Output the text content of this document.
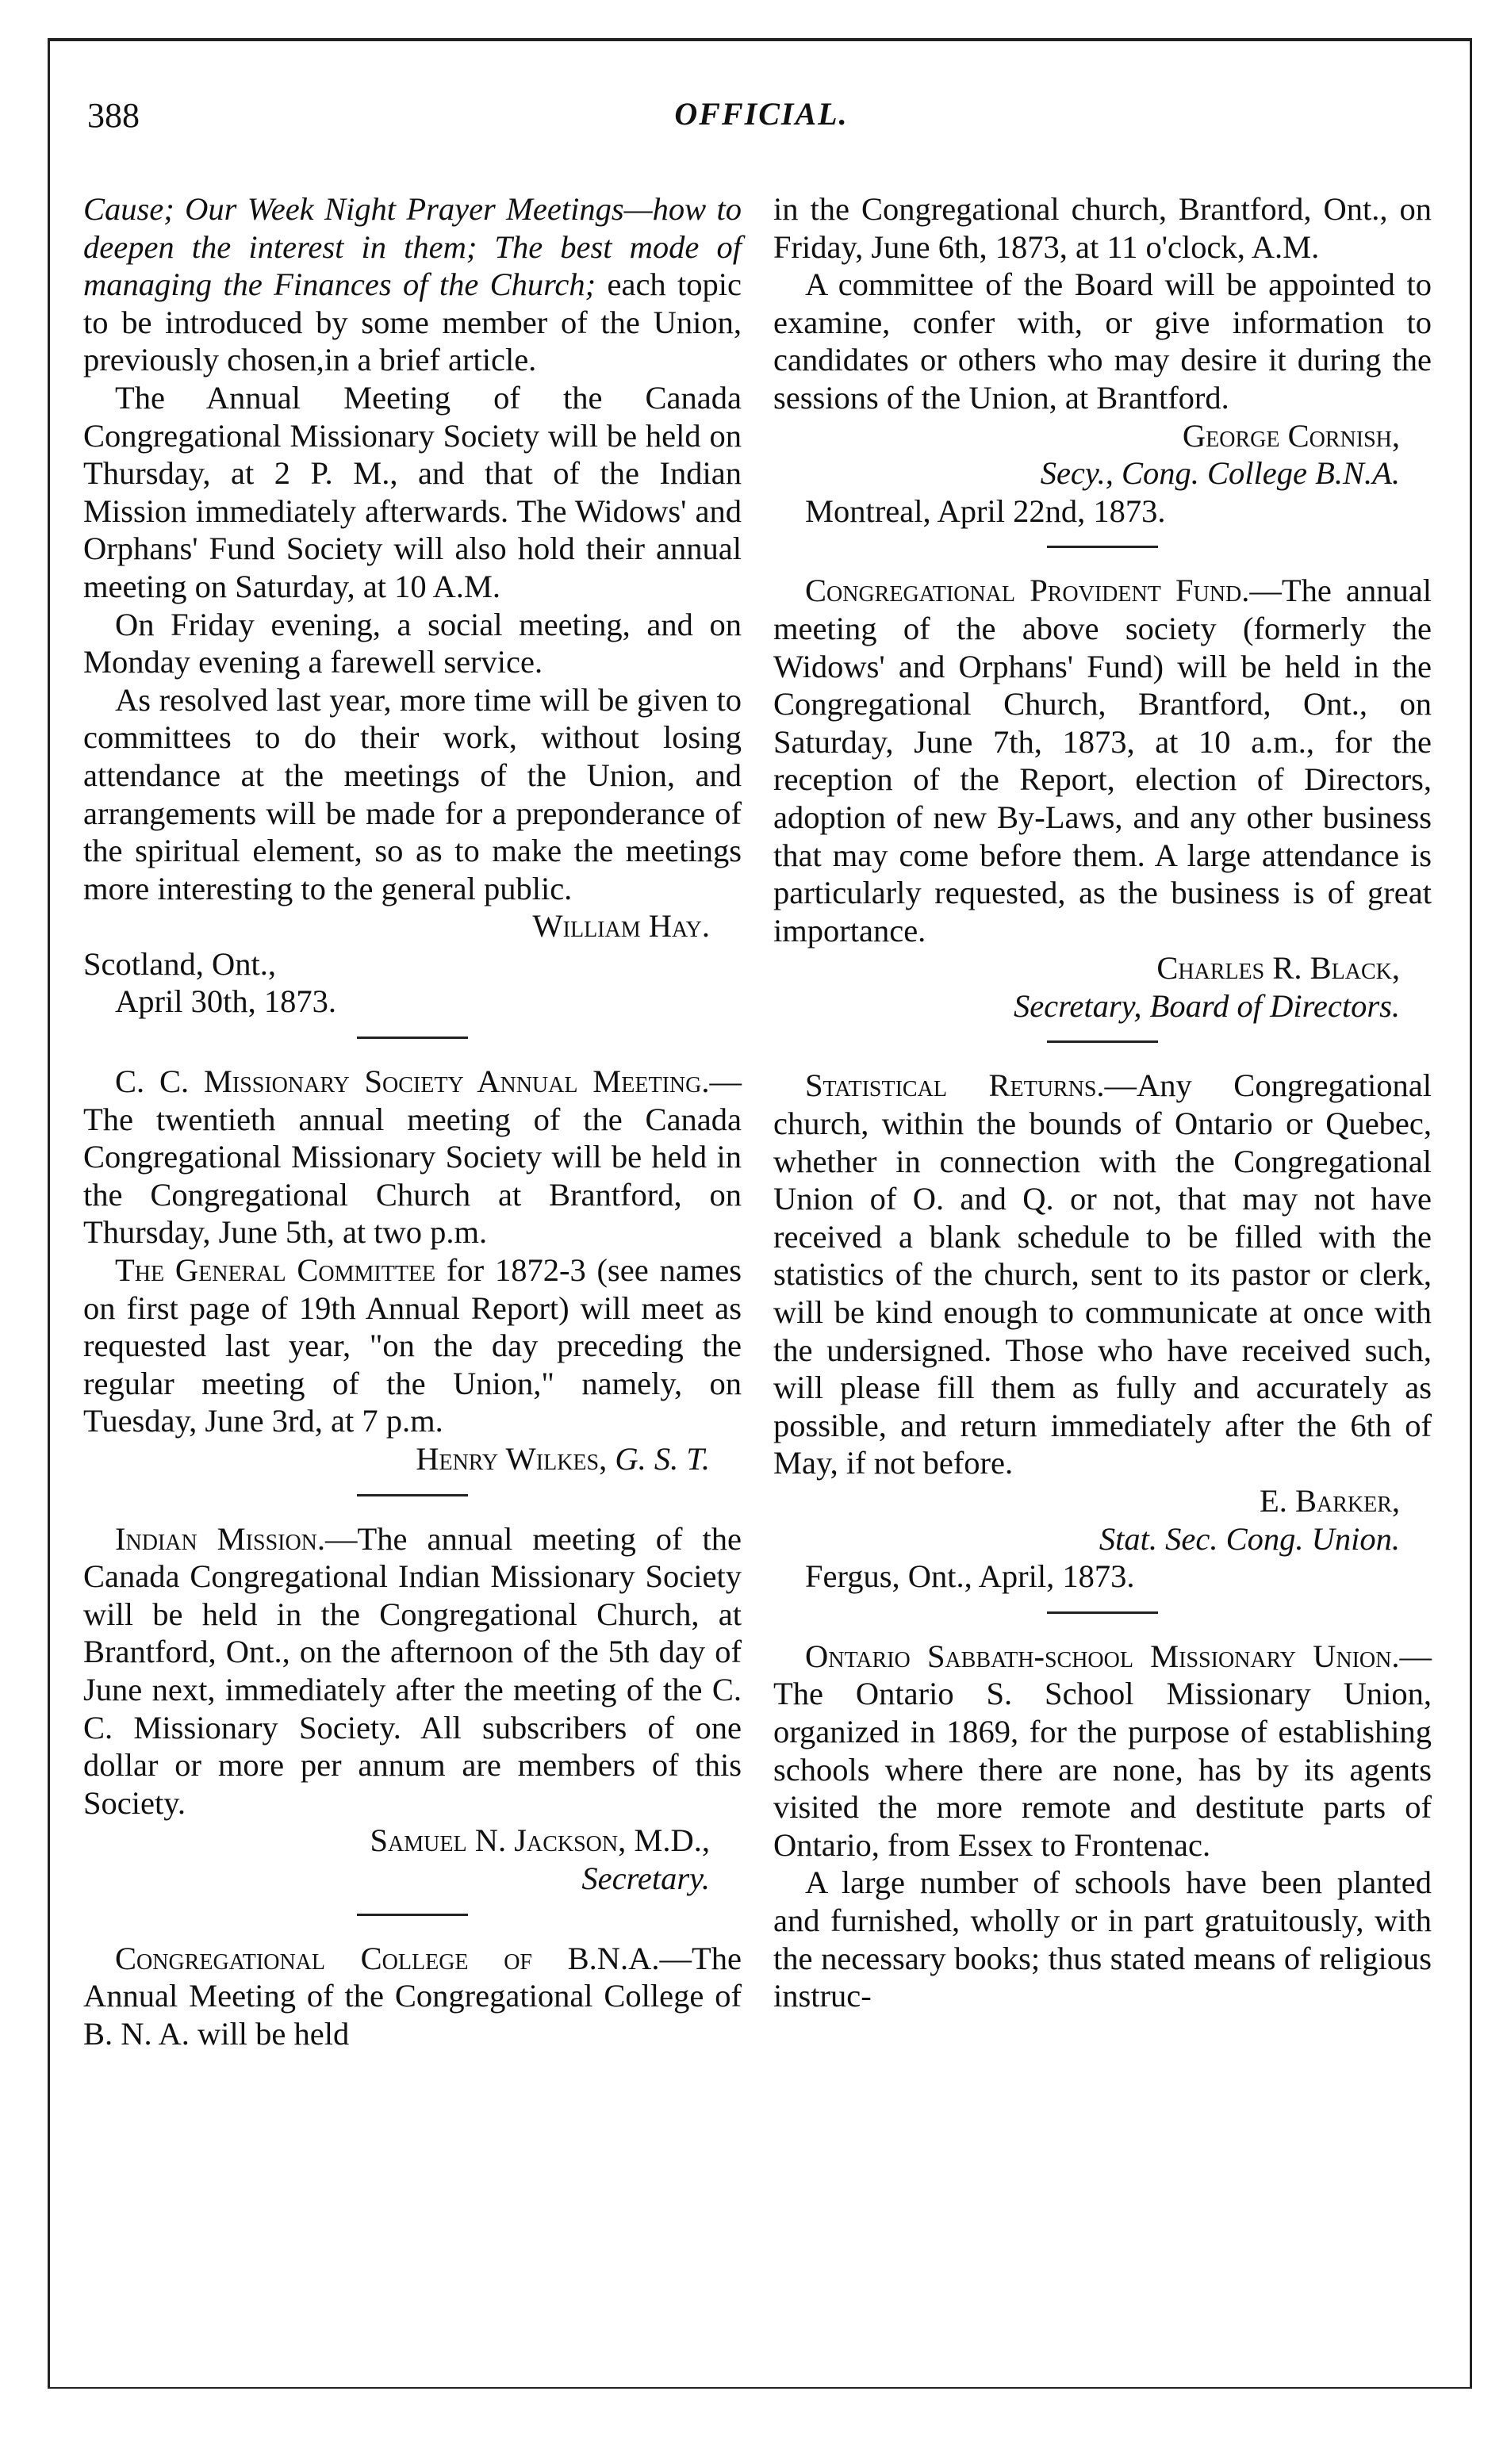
388	OFFICIAL.

Cause; Our Week Night Prayer Meetings—how to deepen the interest in them; The best mode of managing the Finances of the Church; each topic to be introduced by some member of the Union, previously chosen,in a brief article.

The Annual Meeting of the Canada Congregational Missionary Society will be held on Thursday, at 2 P. M., and that of the Indian Mission immediately afterwards. The Widows' and Orphans' Fund Society will also hold their annual meeting on Saturday, at 10 A.M.

On Friday evening, a social meeting, and on Monday evening a farewell service.

As resolved last year, more time will be given to committees to do their work, without losing attendance at the meetings of the Union, and arrangements will be made for a preponderance of the spiritual element, so as to make the meetings more interesting to the general public.

William Hay.
Scotland, Ont.,
April 30th, 1873.

C. C. Missionary Society Annual Meeting.—The twentieth annual meeting of the Canada Congregational Missionary Society will be held in the Congregational Church at Brantford, on Thursday, June 5th, at two p.m.

The General Committee for 1872-3 (see names on first page of 19th Annual Report) will meet as requested last year, "on the day preceding the regular meeting of the Union," namely, on Tuesday, June 3rd, at 7 p.m.

Henry Wilkes, G. S. T.

Indian Mission.—The annual meeting of the Canada Congregational Indian Missionary Society will be held in the Congregational Church, at Brantford, Ont., on the afternoon of the 5th day of June next, immediately after the meeting of the C. C. Missionary Society. All subscribers of one dollar or more per annum are members of this Society.

Samuel N. Jackson, M.D.,
Secretary.

Congregational College of B.N.A.—The Annual Meeting of the Congregational College of B. N. A. will be held

in the Congregational church, Brantford, Ont., on Friday, June 6th, 1873, at 11 o'clock, A.M.

A committee of the Board will be appointed to examine, confer with, or give information to candidates or others who may desire it during the sessions of the Union, at Brantford.

George Cornish,
Secy., Cong. College B.N.A.
Montreal, April 22nd, 1873.

Congregational Provident Fund.—The annual meeting of the above society (formerly the Widows' and Orphans' Fund) will be held in the Congregational Church, Brantford, Ont., on Saturday, June 7th, 1873, at 10 a.m., for the reception of the Report, election of Directors, adoption of new By-Laws, and any other business that may come before them. A large attendance is particularly requested, as the business is of great importance.

Charles R. Black,
Secretary, Board of Directors.

Statistical Returns.—Any Congregational church, within the bounds of Ontario or Quebec, whether in connection with the Congregational Union of O. and Q. or not, that may not have received a blank schedule to be filled with the statistics of the church, sent to its pastor or clerk, will be kind enough to communicate at once with the undersigned. Those who have received such, will please fill them as fully and accurately as possible, and return immediately after the 6th of May, if not before.

E. Barker,
Stat. Sec. Cong. Union.
Fergus, Ont., April, 1873.

Ontario Sabbath-school Missionary Union.—The Ontario S. School Missionary Union, organized in 1869, for the purpose of establishing schools where there are none, has by its agents visited the more remote and destitute parts of Ontario, from Essex to Frontenac.

A large number of schools have been planted and furnished, wholly or in part gratuitously, with the necessary books; thus stated means of religious instruc-
